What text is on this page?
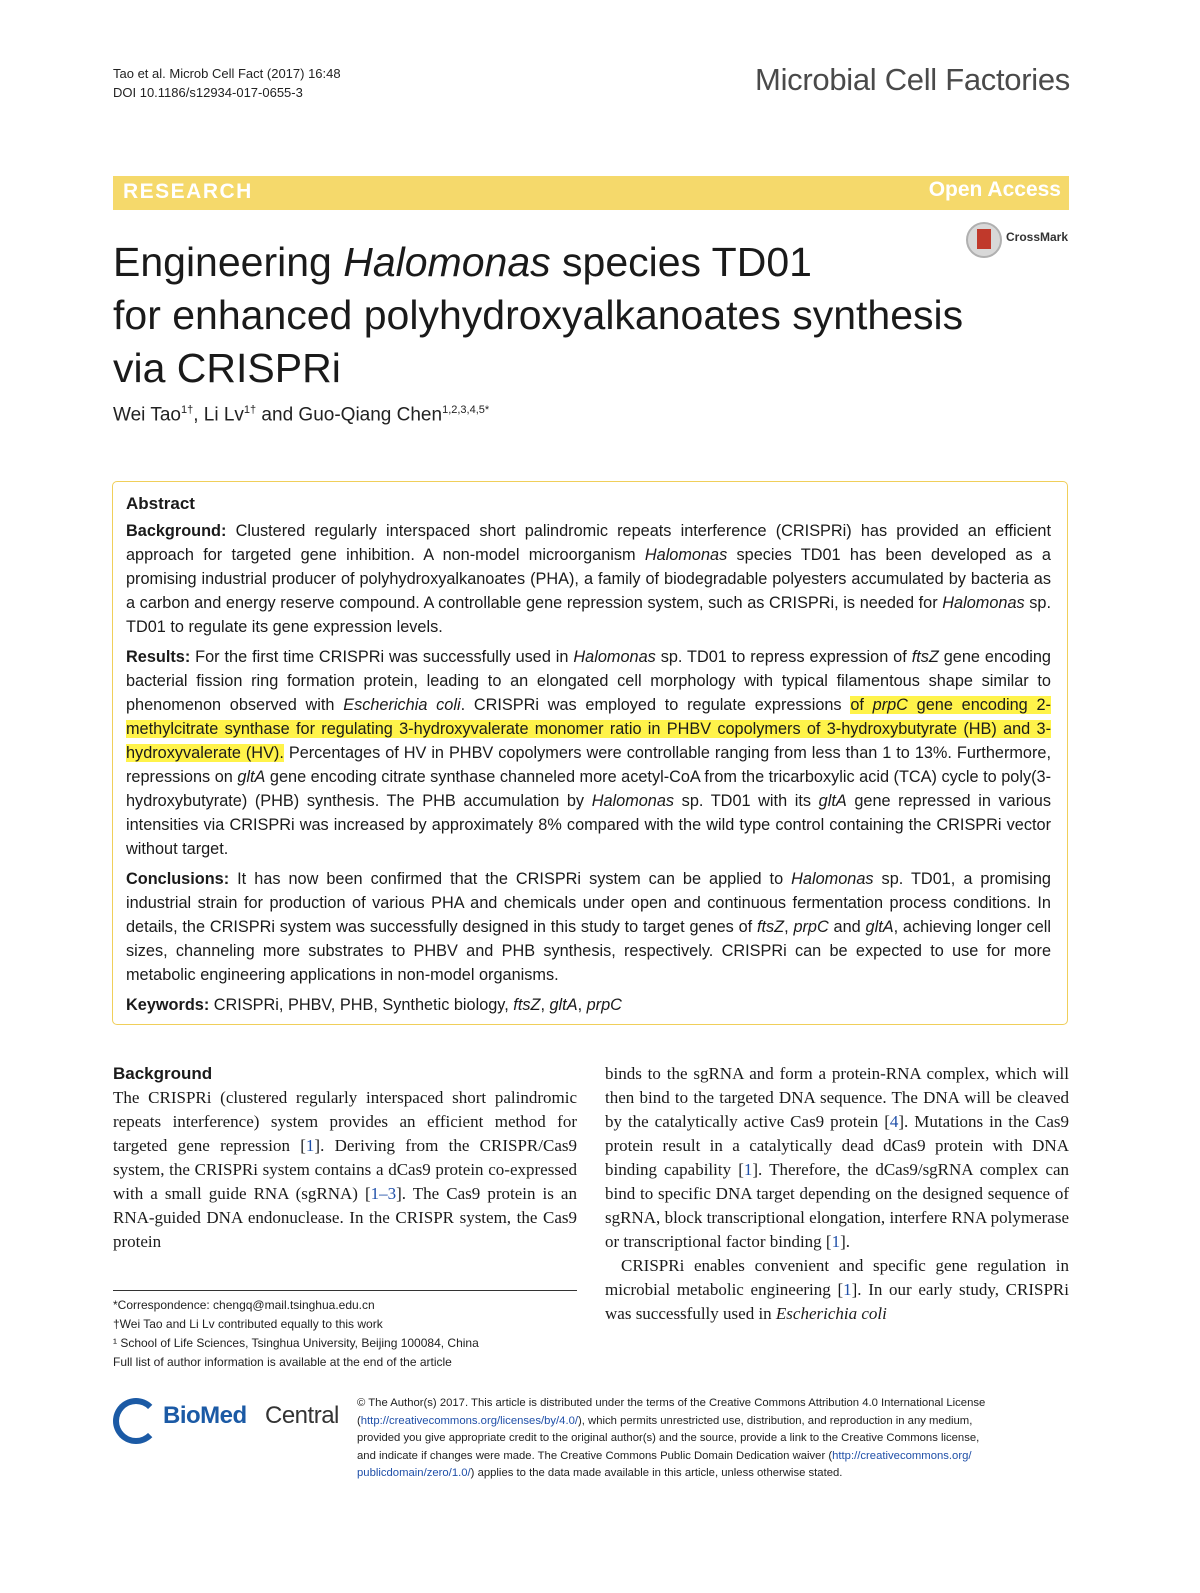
Tao et al. Microb Cell Fact (2017) 16:48
DOI 10.1186/s12934-017-0655-3	Microbial Cell Factories
RESEARCH	Open Access
CrossMark
Engineering Halomonas species TD01
for enhanced polyhydroxyalkanoates synthesis
via CRISPRi
Wei Tao$^{1\dagger}$, Li $Lv^{1\dagger}$ and Guo‑Qiang Chen$^{1,2,3,4,5*}$
Abstract

Background: Clustered regularly interspaced short palindromic repeats interference (CRISPRi) has provided an efficient approach for targeted gene inhibition. A non-model microorganism Halomonas species TD01 has been developed as a promising industrial producer of polyhydroxyalkanoates (PHA), a family of biodegradable polyesters accumulated by bacteria as a carbon and energy reserve compound. A controllable gene repression system, such as CRISPRi, is needed for Halomonas sp. TD01 to regulate its gene expression levels.

Results: For the first time CRISPRi was successfully used in Halomonas sp. TD01 to repress expression of ftsZ gene encoding bacterial fission ring formation protein, leading to an elongated cell morphology with typical filamentous shape similar to phenomenon observed with Escherichia coli. CRISPRi was employed to regulate expressions of prpC gene encoding 2-methylcitrate synthase for regulating 3-hydroxyvalerate monomer ratio in PHBV copolymers of 3-hydroxybutyrate (HB) and 3-hydroxyvalerate (HV). Percentages of HV in PHBV copolymers were controllable ranging from less than 1 to 13%. Furthermore, repressions on gltA gene encoding citrate synthase channeled more acetyl-CoA from the tricarboxylic acid (TCA) cycle to poly(3-hydroxybutyrate) (PHB) synthesis. The PHB accumulation by Halomonas sp. TD01 with its gltA gene repressed in various intensities via CRISPRi was increased by approximately 8% compared with the wild type control containing the CRISPRi vector without target.

Conclusions: It has now been confirmed that the CRISPRi system can be applied to Halomonas sp. TD01, a promising industrial strain for production of various PHA and chemicals under open and continuous fermentation process conditions. In details, the CRISPRi system was successfully designed in this study to target genes of ftsZ, prpC and gltA, achieving longer cell sizes, channeling more substrates to PHBV and PHB synthesis, respectively. CRISPRi can be expected to use for more metabolic engineering applications in non-model organisms.

Keywords: CRISPRi, PHBV, PHB, Synthetic biology, ftsZ, gltA, prpC

Background

The CRISPRi (clustered regularly interspaced short palindromic repeats interference) system provides an efficient method for targeted gene repression [1]. Deriving from the CRISPR/Cas9 system, the CRISPRi system contains a dCas9 protein co-expressed with a small guide RNA (sgRNA) [1–3]. The Cas9 protein is an RNA-guided DNA endonuclease. In the CRISPR system, the Cas9 protein

binds to the sgRNA and form a protein-RNA complex, which will then bind to the targeted DNA sequence. The DNA will be cleaved by the catalytically active Cas9 protein [4]. Mutations in the Cas9 protein result in a catalytically dead dCas9 protein with DNA binding capability [1]. Therefore, the dCas9/sgRNA complex can bind to specific DNA target depending on the designed sequence of sgRNA, block transcriptional elongation, interfere RNA polymerase or transcriptional factor binding [1].

CRISPRi enables convenient and specific gene regulation in microbial metabolic engineering [1]. In our early study, CRISPRi was successfully used in Escherichia coli

*Correspondence: chengq@mail.tsinghua.edu.cn
†Wei Tao and Li Lv contributed equally to this work
¹ School of Life Sciences, Tsinghua University, Beijing 100084, China
Full list of author information is available at the end of the article
BioMed Central © The Author(s) 2017. This article is distributed under the terms of the Creative Commons Attribution 4.0 International License
(http://creativecommons.org/licenses/by/4.0/), which permits unrestricted use, distribution, and reproduction in any medium,
provided you give appropriate credit to the original author(s) and the source, provide a link to the Creative Commons license,
and indicate if changes were made. The Creative Commons Public Domain Dedication waiver (http://creativecommons.org/
publicdomain/zero/1.0/) applies to the data made available in this article, unless otherwise stated.
